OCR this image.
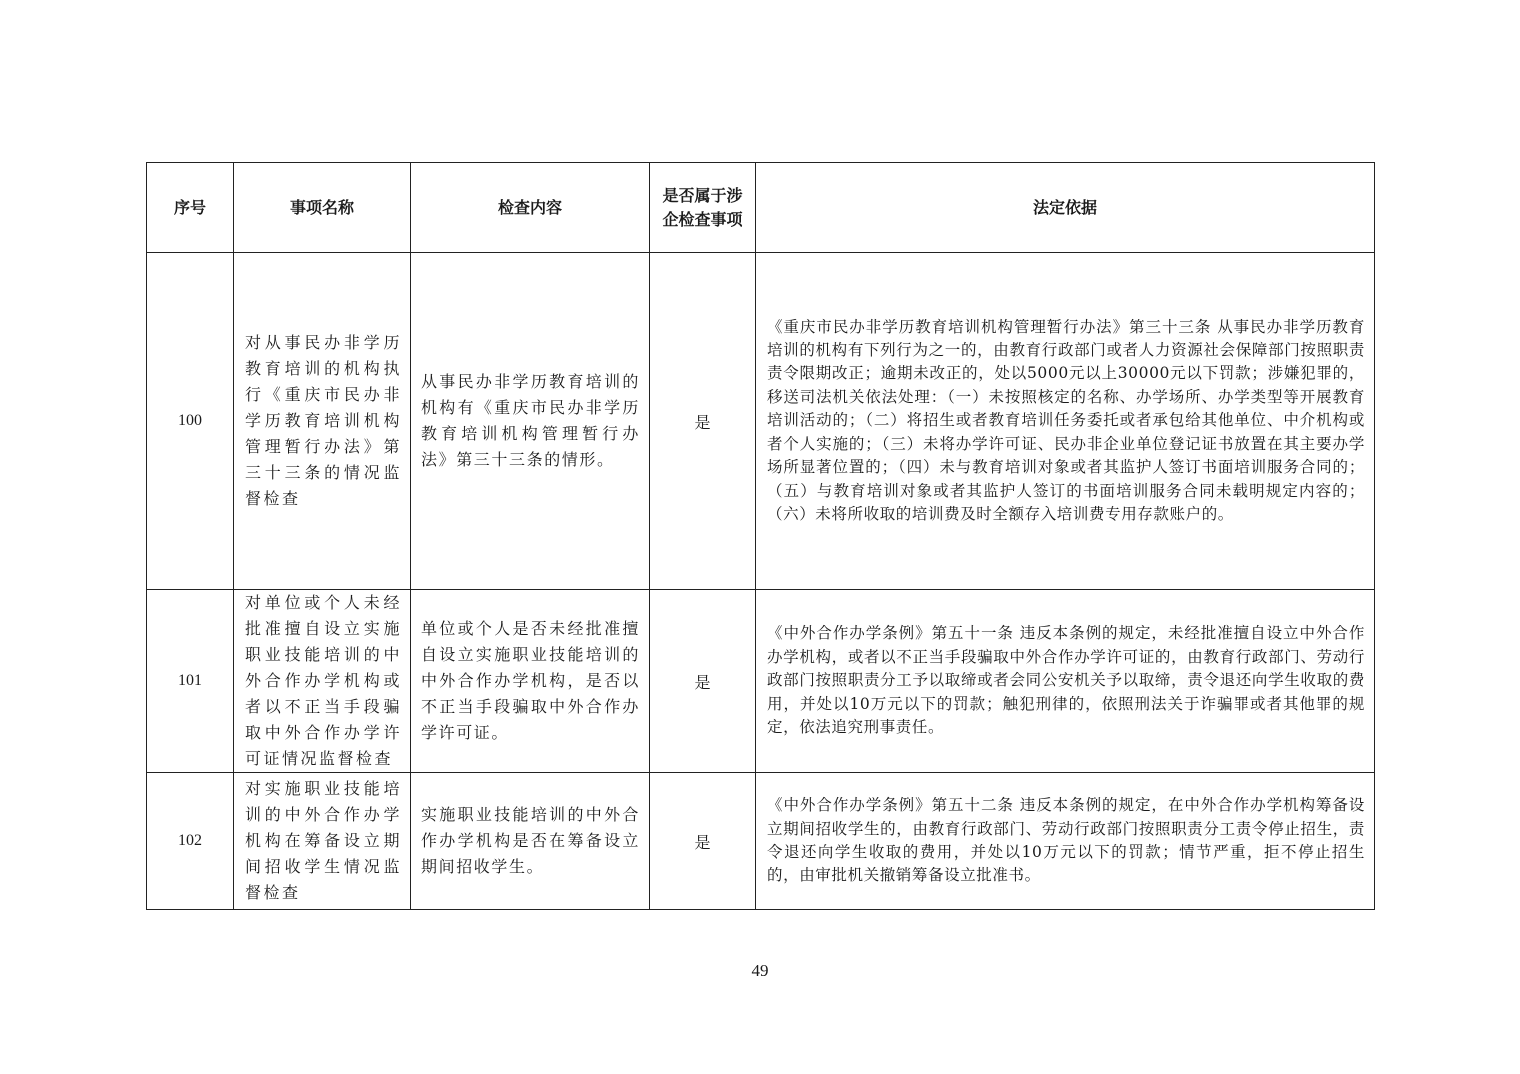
序号	事项名称	检查内容	是否属于涉企检查事项	法定依据
100	对从事民办非学历教育培训的机构执行《重庆市民办非学历教育培训机构管理暂行办法》第三十三条的情况监督检查	从事民办非学历教育培训的机构有《重庆市民办非学历教育培训机构管理暂行办法》第三十三条的情形。	是	《重庆市民办非学历教育培训机构管理暂行办法》第三十三条 从事民办非学历教育培训的机构有下列行为之一的，由教育行政部门或者人力资源社会保障部门按照职责责令限期改正；逾期未改正的，处以5000元以上30000元以下罚款；涉嫌犯罪的，移送司法机关依法处理：（一）未按照核定的名称、办学场所、办学类型等开展教育培训活动的；（二）将招生或者教育培训任务委托或者承包给其他单位、中介机构或者个人实施的；（三）未将办学许可证、民办非企业单位登记证书放置在其主要办学场所显著位置的；（四）未与教育培训对象或者其监护人签订书面培训服务合同的；（五）与教育培训对象或者其监护人签订的书面培训服务合同未载明规定内容的；（六）未将所收取的培训费及时全额存入培训费专用存款账户的。
101	对单位或个人未经批准擅自设立实施职业技能培训的中外合作办学机构或者以不正当手段骗取中外合作办学许可证情况监督检查	单位或个人是否未经批准擅自设立实施职业技能培训的中外合作办学机构，是否以不正当手段骗取中外合作办学许可证。	是	《中外合作办学条例》第五十一条 违反本条例的规定，未经批准擅自设立中外合作办学机构，或者以不正当手段骗取中外合作办学许可证的，由教育行政部门、劳动行政部门按照职责分工予以取缔或者会同公安机关予以取缔，责令退还向学生收取的费用，并处以10万元以下的罚款；触犯刑律的，依照刑法关于诈骗罪或者其他罪的规定，依法追究刑事责任。
102	对实施职业技能培训的中外合作办学机构在筹备设立期间招收学生情况监督检查	实施职业技能培训的中外合作办学机构是否在筹备设立期间招收学生。	是	《中外合作办学条例》第五十二条 违反本条例的规定，在中外合作办学机构筹备设立期间招收学生的，由教育行政部门、劳动行政部门按照职责分工责令停止招生，责令退还向学生收取的费用，并处以10万元以下的罚款；情节严重，拒不停止招生的，由审批机关撤销筹备设立批准书。
49
